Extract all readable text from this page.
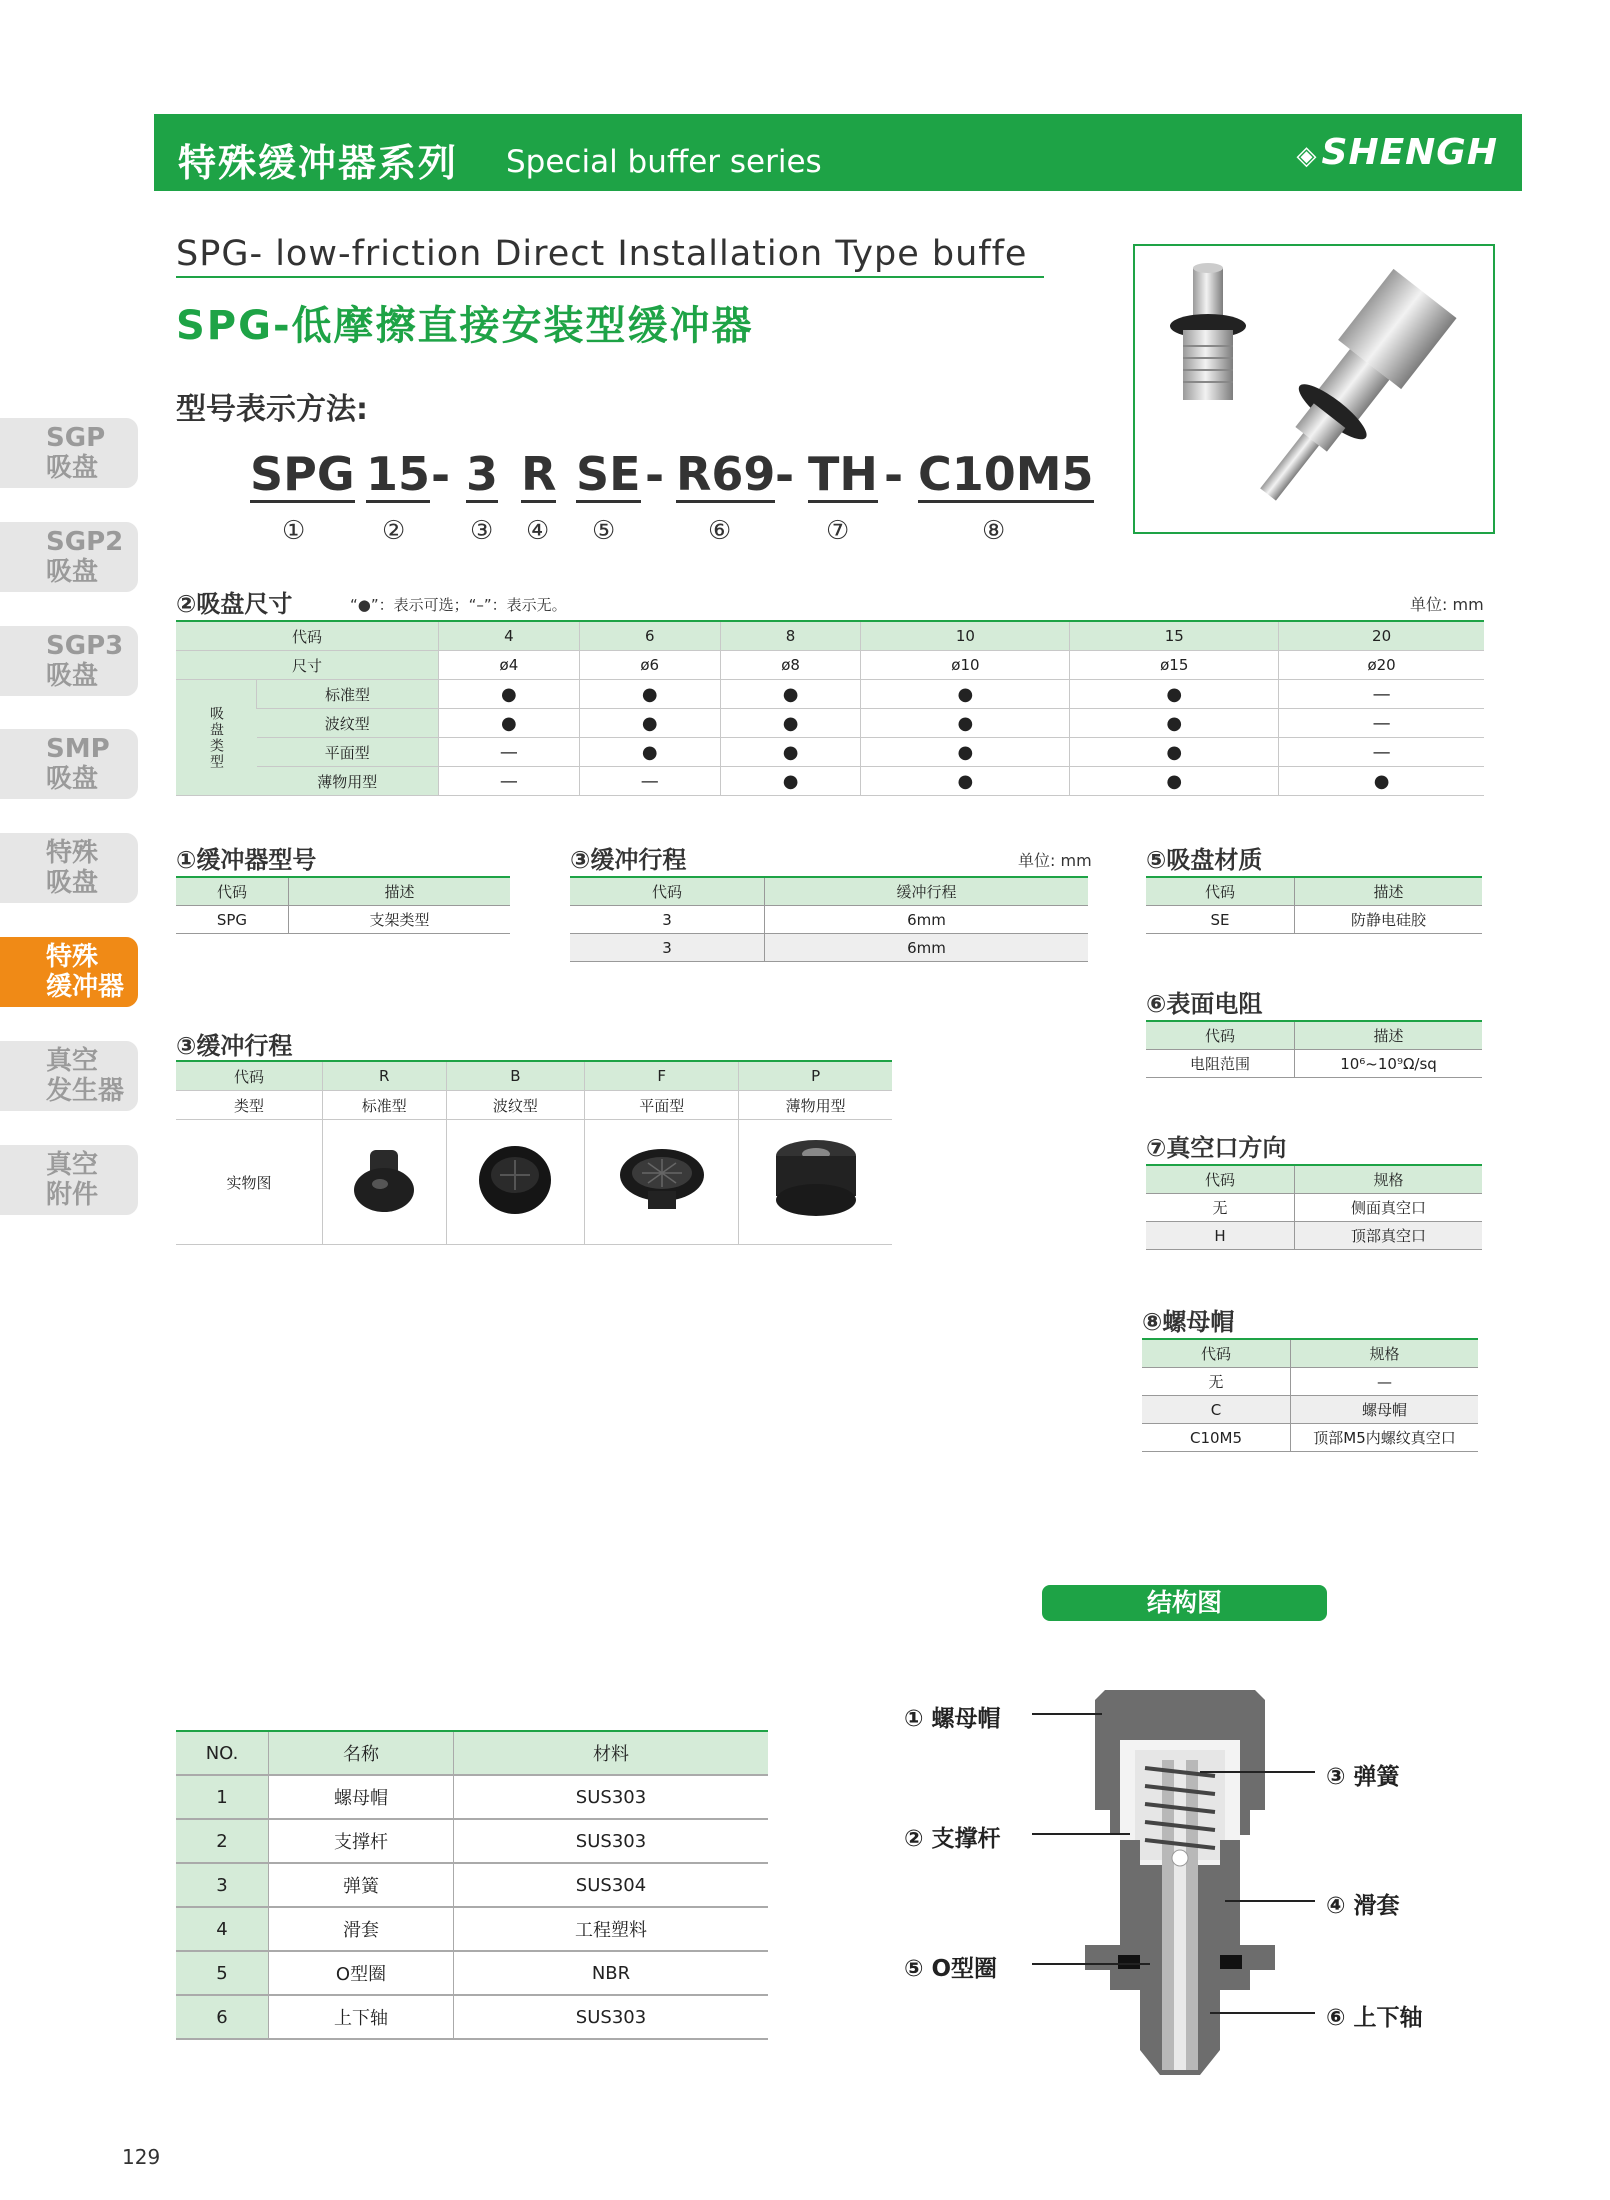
特殊缓冲器系列 Special buffer series	◈ SHENGH
SGP
吸盘
SGP2
吸盘
SGP3
吸盘
SMP
吸盘
特殊
吸盘
特殊
缓冲器
真空
发生器
真空
附件
SPG- low-friction Direct Installation Type buffe
SPG-低摩擦直接安装型缓冲器
型号表示方法:
SPG 15 - 3 R SE - R69 - TH - C10M5
①	② ③ ④ ⑤	⑥	⑦	⑧
②吸盘尺寸	“●”：表示可选；“–”：表示无。	单位: mm
代码		4	6	8	10	15	20
尺寸		ø4	ø6	ø8	ø10	ø15	ø20
吸盘类型	标准型	●	●	●	●	●	—
	波纹型	●	●	●	●	●	—
	平面型	—	●	●	●	●	—
	薄物用型	—	—	●	●	●	●
①缓冲器型号
代码	描述
SPG	支架类型
③缓冲行程	单位: mm
代码	缓冲行程
3	6mm
3	6mm
⑤吸盘材质
代码	描述
SE	防静电硅胶
⑥表面电阻
代码	描述
电阻范围	10⁶~10⁹Ω/sq
⑦真空口方向
代码	规格
无	侧面真空口
H	顶部真空口
⑧螺母帽
代码	规格
无	—
C	螺母帽
C10M5	顶部M5内螺纹真空口
③缓冲行程
代码	R	B	F	P
类型	标准型	波纹型	平面型	薄物用型
实物图				
结构图
NO.	名称	材料
1	螺母帽	SUS303
2	支撑杆	SUS303
3	弹簧	SUS304
4	滑套	工程塑料
5	O型圈	NBR
6	上下轴	SUS303
① 螺母帽
② 支撑杆
⑤ O型圈
③ 弹簧
④ 滑套
⑥ 上下轴
129
